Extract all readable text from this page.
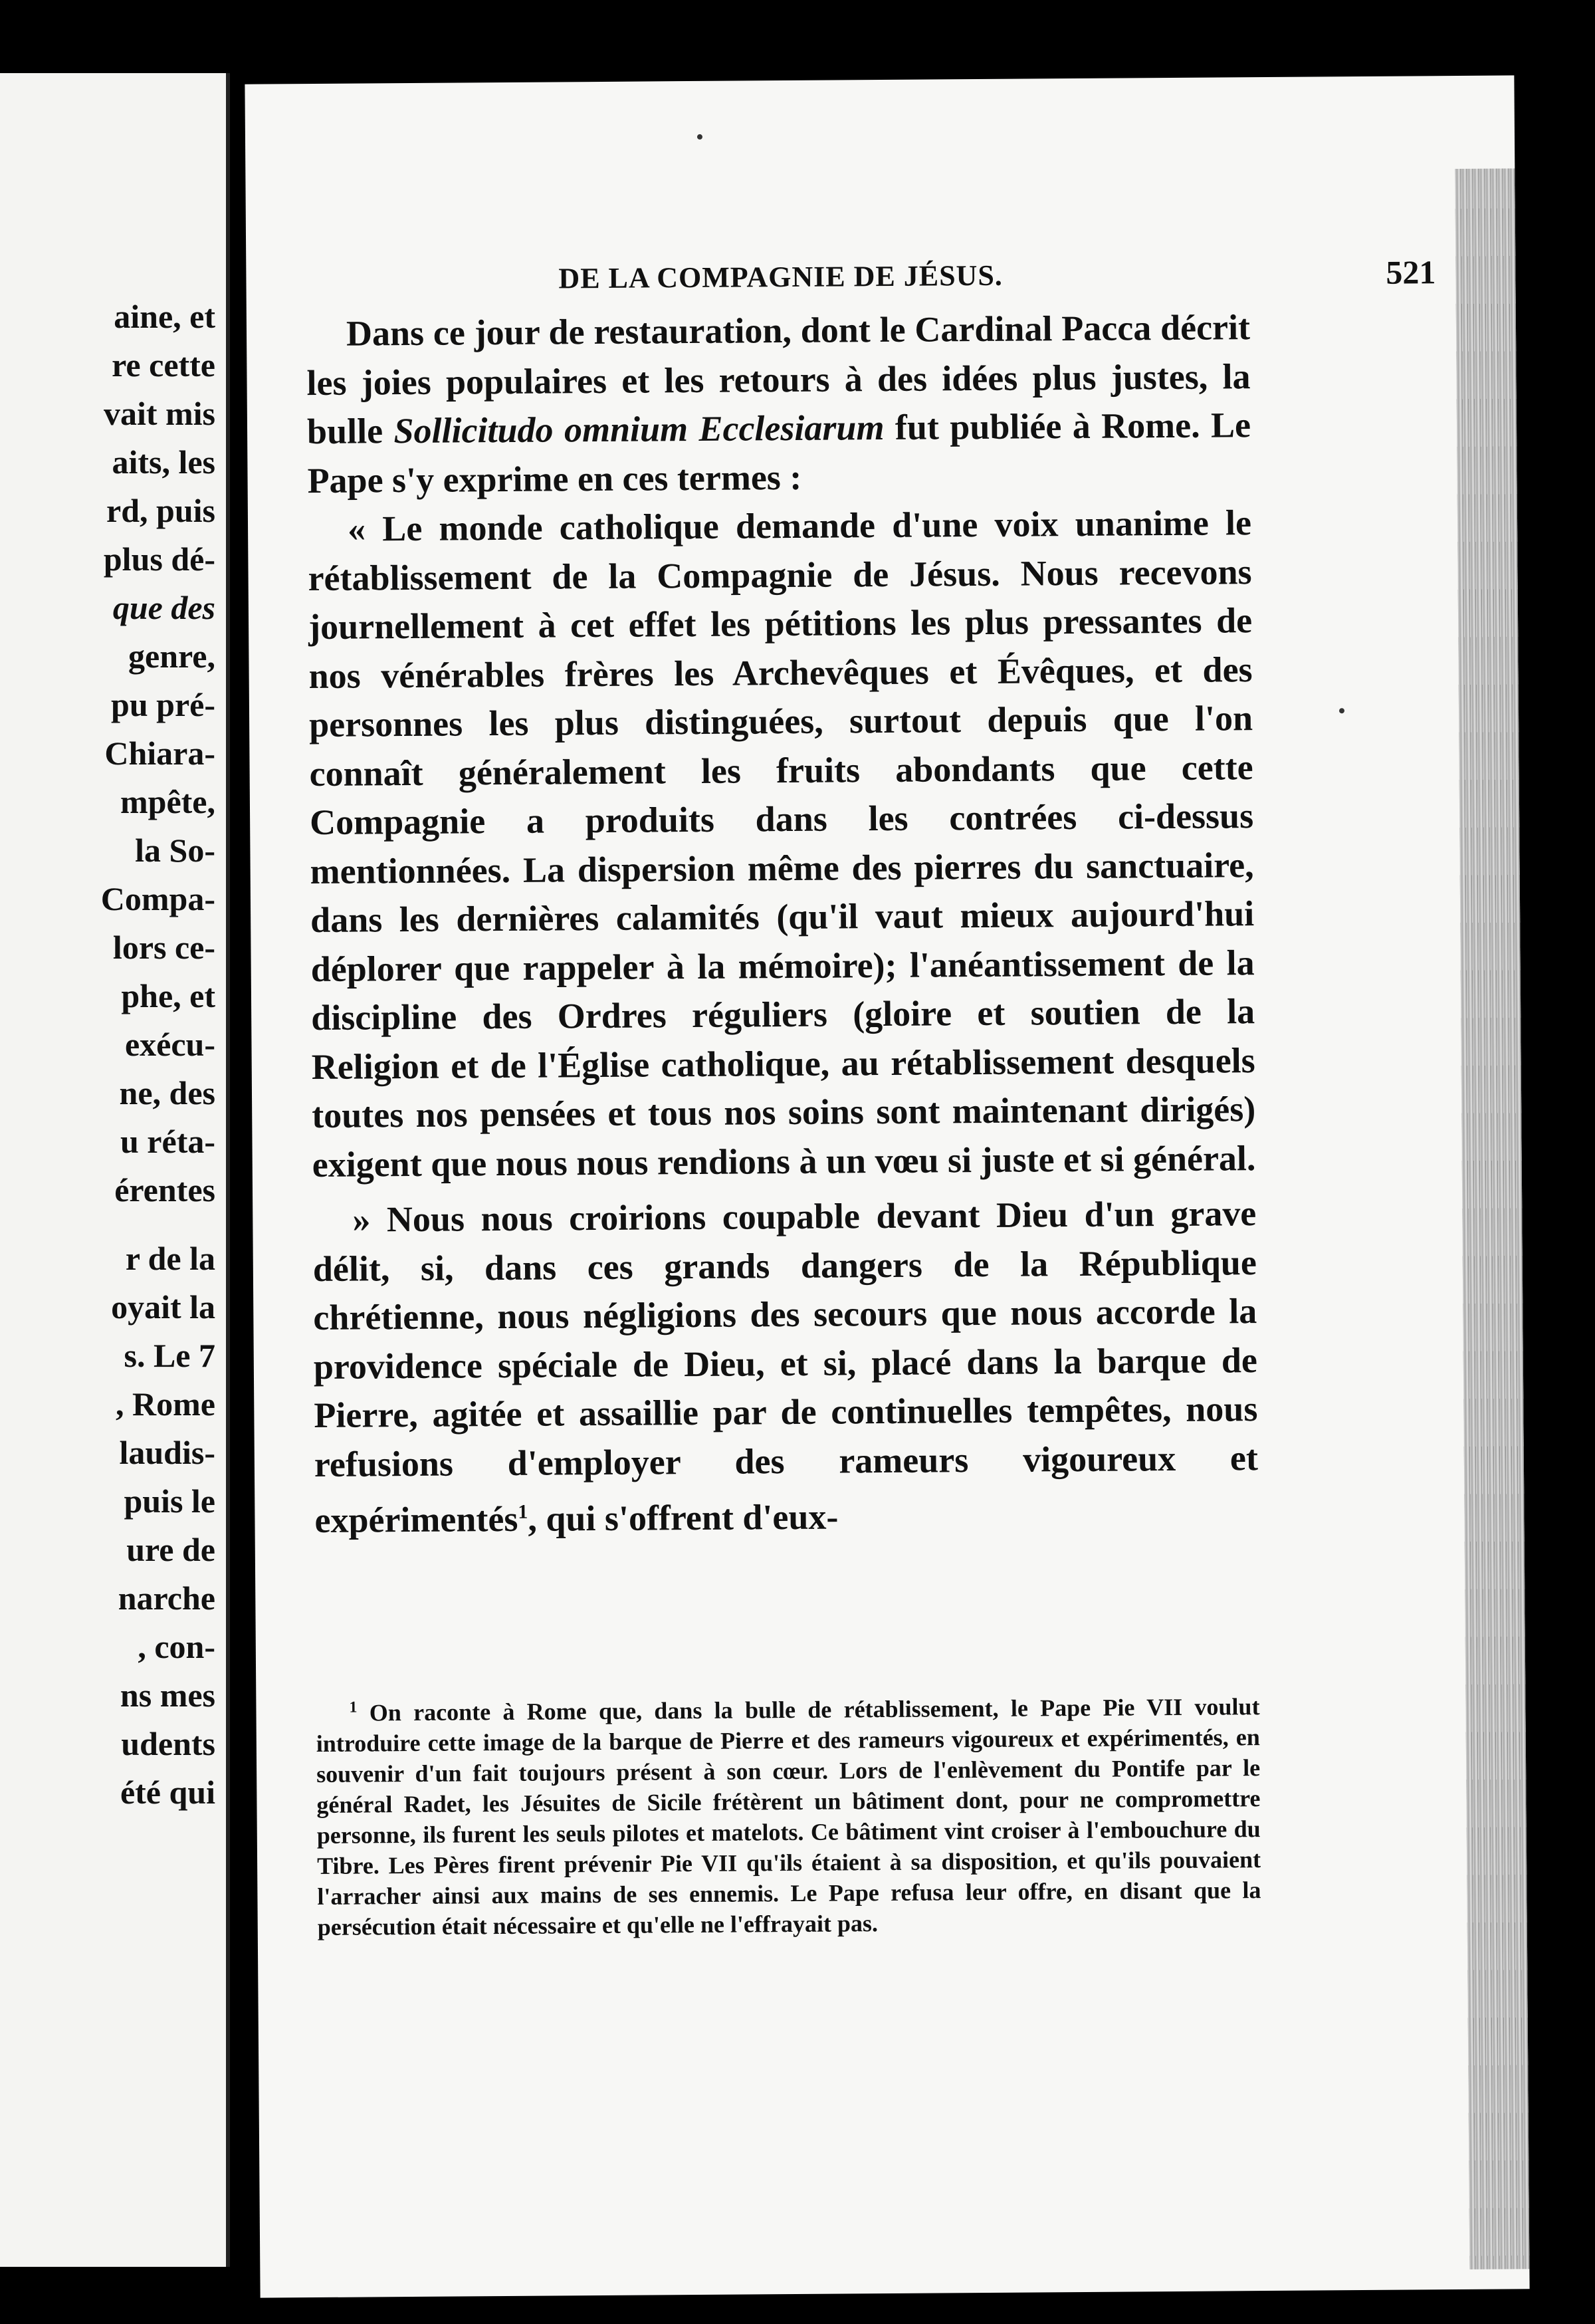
aine, et
re cette
vait mis
aits, les
rd, puis
plus dé-
que des
genre,
pu pré-
Chiara-
mpête,
la So-
Compa-
lors ce-
phe, et
exécu-
ne, des
u réta-
érentes
r de la
oyait la
s. Le 7
, Rome
laudis-
puis le
ure de
narche
, con-
ns mes
udents
été qui
DE LA COMPAGNIE DE JÉSUS.	521

Dans ce jour de restauration, dont le Cardinal Pacca décrit les joies populaires et les retours à des idées plus justes, la bulle Sollicitudo omnium Ecclesiarum fut publiée à Rome. Le Pape s'y exprime en ces termes :

« Le monde catholique demande d'une voix unanime le rétablissement de la Compagnie de Jésus. Nous recevons journellement à cet effet les pétitions les plus pressantes de nos vénérables frères les Archevêques et Évêques, et des personnes les plus distinguées, surtout depuis que l'on connaît généralement les fruits abondants que cette Compagnie a produits dans les contrées ci-dessus mentionnées. La dispersion même des pierres du sanctuaire, dans les dernières calamités (qu'il vaut mieux aujourd'hui déplorer que rappeler à la mémoire); l'anéantissement de la discipline des Ordres réguliers (gloire et soutien de la Religion et de l'Église catholique, au rétablissement desquels toutes nos pensées et tous nos soins sont maintenant dirigés) exigent que nous nous rendions à un vœu si juste et si général.

» Nous nous croirions coupable devant Dieu d'un grave délit, si, dans ces grands dangers de la République chrétienne, nous négligions des secours que nous accorde la providence spéciale de Dieu, et si, placé dans la barque de Pierre, agitée et assaillie par de continuelles tempêtes, nous refusions d'employer des rameurs vigoureux et expérimentés$^1$, qui s'offrent d'eux-

$^1$ On raconte à Rome que, dans la bulle de rétablissement, le Pape Pie VII voulut introduire cette image de la barque de Pierre et des rameurs vigoureux et expérimentés, en souvenir d'un fait toujours présent à son cœur. Lors de l'enlèvement du Pontife par le général Radet, les Jésuites de Sicile frétèrent un bâtiment dont, pour ne compromettre personne, ils furent les seuls pilotes et matelots. Ce bâtiment vint croiser à l'embouchure du Tibre. Les Pères firent prévenir Pie VII qu'ils étaient à sa disposition, et qu'ils pouvaient l'arracher ainsi aux mains de ses ennemis. Le Pape refusa leur offre, en disant que la persécution était nécessaire et qu'elle ne l'effrayait pas.
